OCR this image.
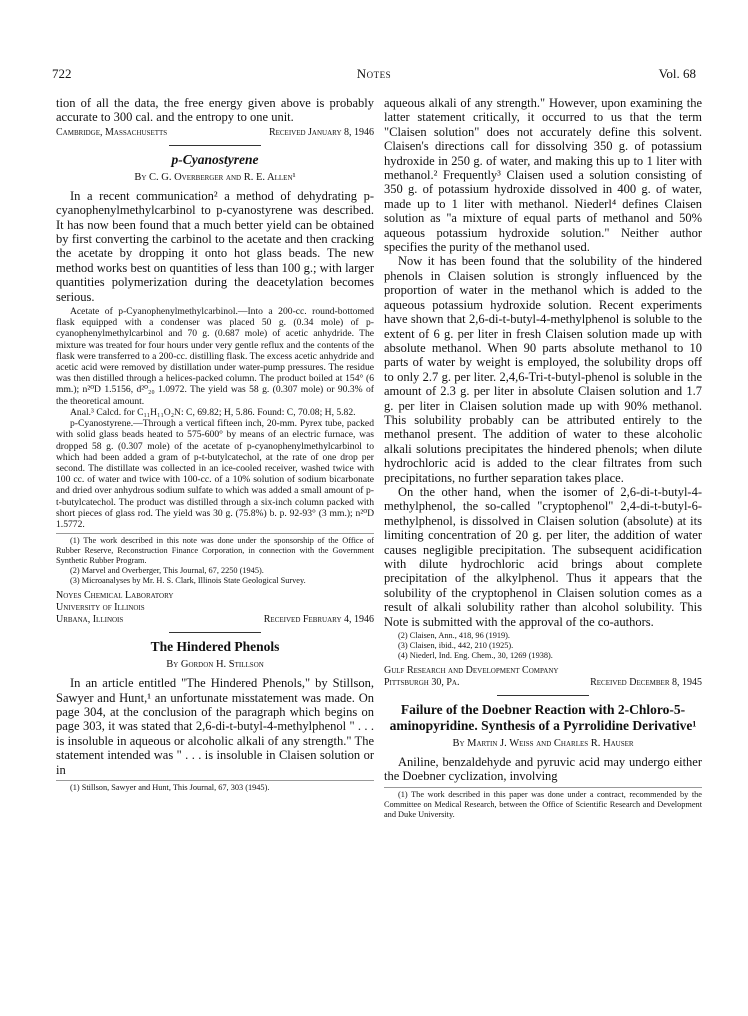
722	Notes	Vol. 68

tion of all the data, the free energy given above is probably accurate to 300 cal. and the entropy to one unit.

Cambridge, Massachusetts	Received January 8, 1946
p-Cyanostyrene
By C. G. Overberger and R. E. Allen¹

In a recent communication² a method of dehydrating p-cyanophenylmethylcarbinol to p-cyanostyrene was described. It has now been found that a much better yield can be obtained by first converting the carbinol to the acetate and then cracking the acetate by dropping it onto hot glass beads. The new method works best on quantities of less than 100 g.; with larger quantities polymerization during the deacetylation becomes serious.

Acetate of p-Cyanophenylmethylcarbinol.—Into a 200-cc. round-bottomed flask equipped with a condenser was placed 50 g. (0.34 mole) of p-cyanophenylmethylcarbinol and 70 g. (0.687 mole) of acetic anhydride. The mixture was treated for four hours under very gentle reflux and the contents of the flask were transferred to a 200-cc. distilling flask. The excess acetic anhydride and acetic acid were removed by distillation under water-pump pressures. The residue was then distilled through a helices-packed column. The product boiled at 154° (6 mm.); n²⁰D 1.5156, d²⁰₂₀ 1.0972. The yield was 58 g. (0.307 mole) or 90.3% of the theoretical amount.

Anal.³ Calcd. for C₁₁H₁₁O₂N: C, 69.82; H, 5.86. Found: C, 70.08; H, 5.82.

p-Cyanostyrene.—Through a vertical fifteen inch, 20-mm. Pyrex tube, packed with solid glass beads heated to 575-600° by means of an electric furnace, was dropped 58 g. (0.307 mole) of the acetate of p-cyanophenylmethylcarbinol to which had been added a gram of p-t-butylcatechol, at the rate of one drop per second. The distillate was collected in an ice-cooled receiver, washed twice with 100 cc. of water and twice with 100-cc. of a 10% solution of sodium bicarbonate and dried over anhydrous sodium sulfate to which was added a small amount of p-t-butylcatechol. The product was distilled through a six-inch column packed with short pieces of glass rod. The yield was 30 g. (75.8%) b. p. 92-93° (3 mm.); n²⁰D 1.5772.

(1) The work described in this note was done under the sponsorship of the Office of Rubber Reserve, Reconstruction Finance Corporation, in connection with the Government Synthetic Rubber Program.

(2) Marvel and Overberger, This Journal, 67, 2250 (1945).

(3) Microanalyses by Mr. H. S. Clark, Illinois State Geological Survey.

Noyes Chemical Laboratory
University of Illinois
Urbana, Illinois	Received February 4, 1946
The Hindered Phenols
By Gordon H. Stillson

In an article entitled "The Hindered Phenols," by Stillson, Sawyer and Hunt,¹ an unfortunate misstatement was made. On page 304, at the conclusion of the paragraph which begins on page 303, it was stated that 2,6-di-t-butyl-4-methylphenol " . . . is insoluble in aqueous or alcoholic alkali of any strength." The statement intended was " . . . is insoluble in Claisen solution or in

(1) Stillson, Sawyer and Hunt, This Journal, 67, 303 (1945).

aqueous alkali of any strength." However, upon examining the latter statement critically, it occurred to us that the term "Claisen solution" does not accurately define this solvent. Claisen's directions call for dissolving 350 g. of potassium hydroxide in 250 g. of water, and making this up to 1 liter with methanol.² Frequently³ Claisen used a solution consisting of 350 g. of potassium hydroxide dissolved in 400 g. of water, made up to 1 liter with methanol. Niederl⁴ defines Claisen solution as "a mixture of equal parts of methanol and 50% aqueous potassium hydroxide solution." Neither author specifies the purity of the methanol used.

Now it has been found that the solubility of the hindered phenols in Claisen solution is strongly influenced by the proportion of water in the methanol which is added to the aqueous potassium hydroxide solution. Recent experiments have shown that 2,6-di-t-butyl-4-methylphenol is soluble to the extent of 6 g. per liter in fresh Claisen solution made up with absolute methanol. When 90 parts absolute methanol to 10 parts of water by weight is employed, the solubility drops off to only 2.7 g. per liter. 2,4,6-Tri-t-butyl-phenol is soluble in the amount of 2.3 g. per liter in absolute Claisen solution and 1.7 g. per liter in Claisen solution made up with 90% methanol. This solubility probably can be attributed entirely to the methanol present. The addition of water to these alcoholic alkali solutions precipitates the hindered phenols; when dilute hydrochloric acid is added to the clear filtrates from such precipitations, no further separation takes place.

On the other hand, when the isomer of 2,6-di-t-butyl-4-methylphenol, the so-called "cryptophenol" 2,4-di-t-butyl-6-methylphenol, is dissolved in Claisen solution (absolute) at its limiting concentration of 20 g. per liter, the addition of water causes negligible precipitation. The subsequent acidification with dilute hydrochloric acid brings about complete precipitation of the alkylphenol. Thus it appears that the solubility of the cryptophenol in Claisen solution comes as a result of alkali solubility rather than alcohol solubility. This Note is submitted with the approval of the co-authors.

(2) Claisen, Ann., 418, 96 (1919).

(3) Claisen, ibid., 442, 210 (1925).

(4) Niederl, Ind. Eng. Chem., 30, 1269 (1938).

Gulf Research and Development Company
Pittsburgh 30, Pa.	Received December 8, 1945
Failure of the Doebner Reaction with 2-Chloro-5-aminopyridine. Synthesis of a Pyrrolidine Derivative¹
By Martin J. Weiss and Charles R. Hauser

Aniline, benzaldehyde and pyruvic acid may undergo either the Doebner cyclization, involving

(1) The work described in this paper was done under a contract, recommended by the Committee on Medical Research, between the Office of Scientific Research and Development and Duke University.
